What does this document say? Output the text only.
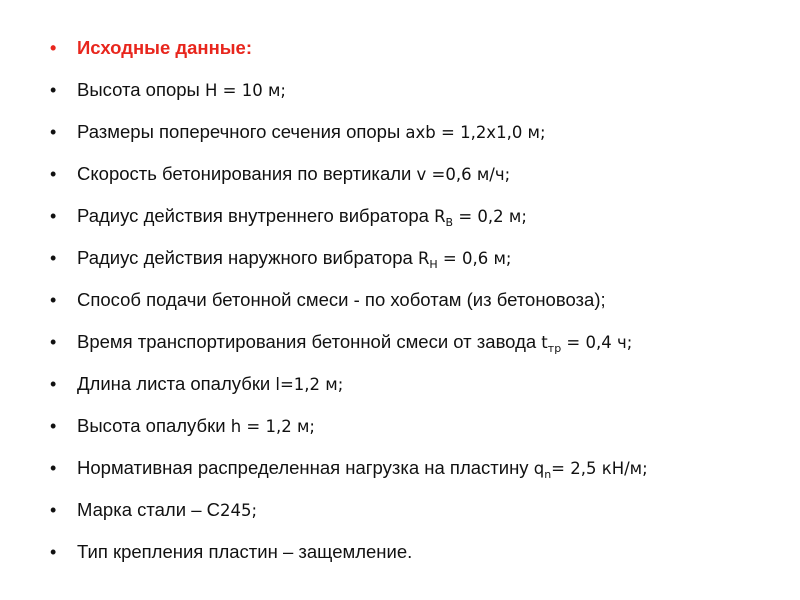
• Исходные данные:
• Высота опоры H = 10 м;
• Размеры поперечного сечения опоры axb = 1,2х1,0 м;
• Скорость бетонирования по вертикали v =0,6 м/ч;
• Радиус действия внутреннего вибратора $R_В = 0,2$ м;
• Радиус действия наружного вибратора $R_Н = 0,6$ м;
• Способ подачи бетонной смеси - по хоботам (из бетоновоза);
• Время транспортирования бетонной смеси от завода $t_{тр} = 0,4$ ч;
• Длина листа опалубки l=1,2 м;
• Высота опалубки h = 1,2 м;
• Нормативная распределенная нагрузка на пластину $q_n= 2,5$ кН/м;
• Марка стали – С245;
• Тип крепления пластин – защемление.
